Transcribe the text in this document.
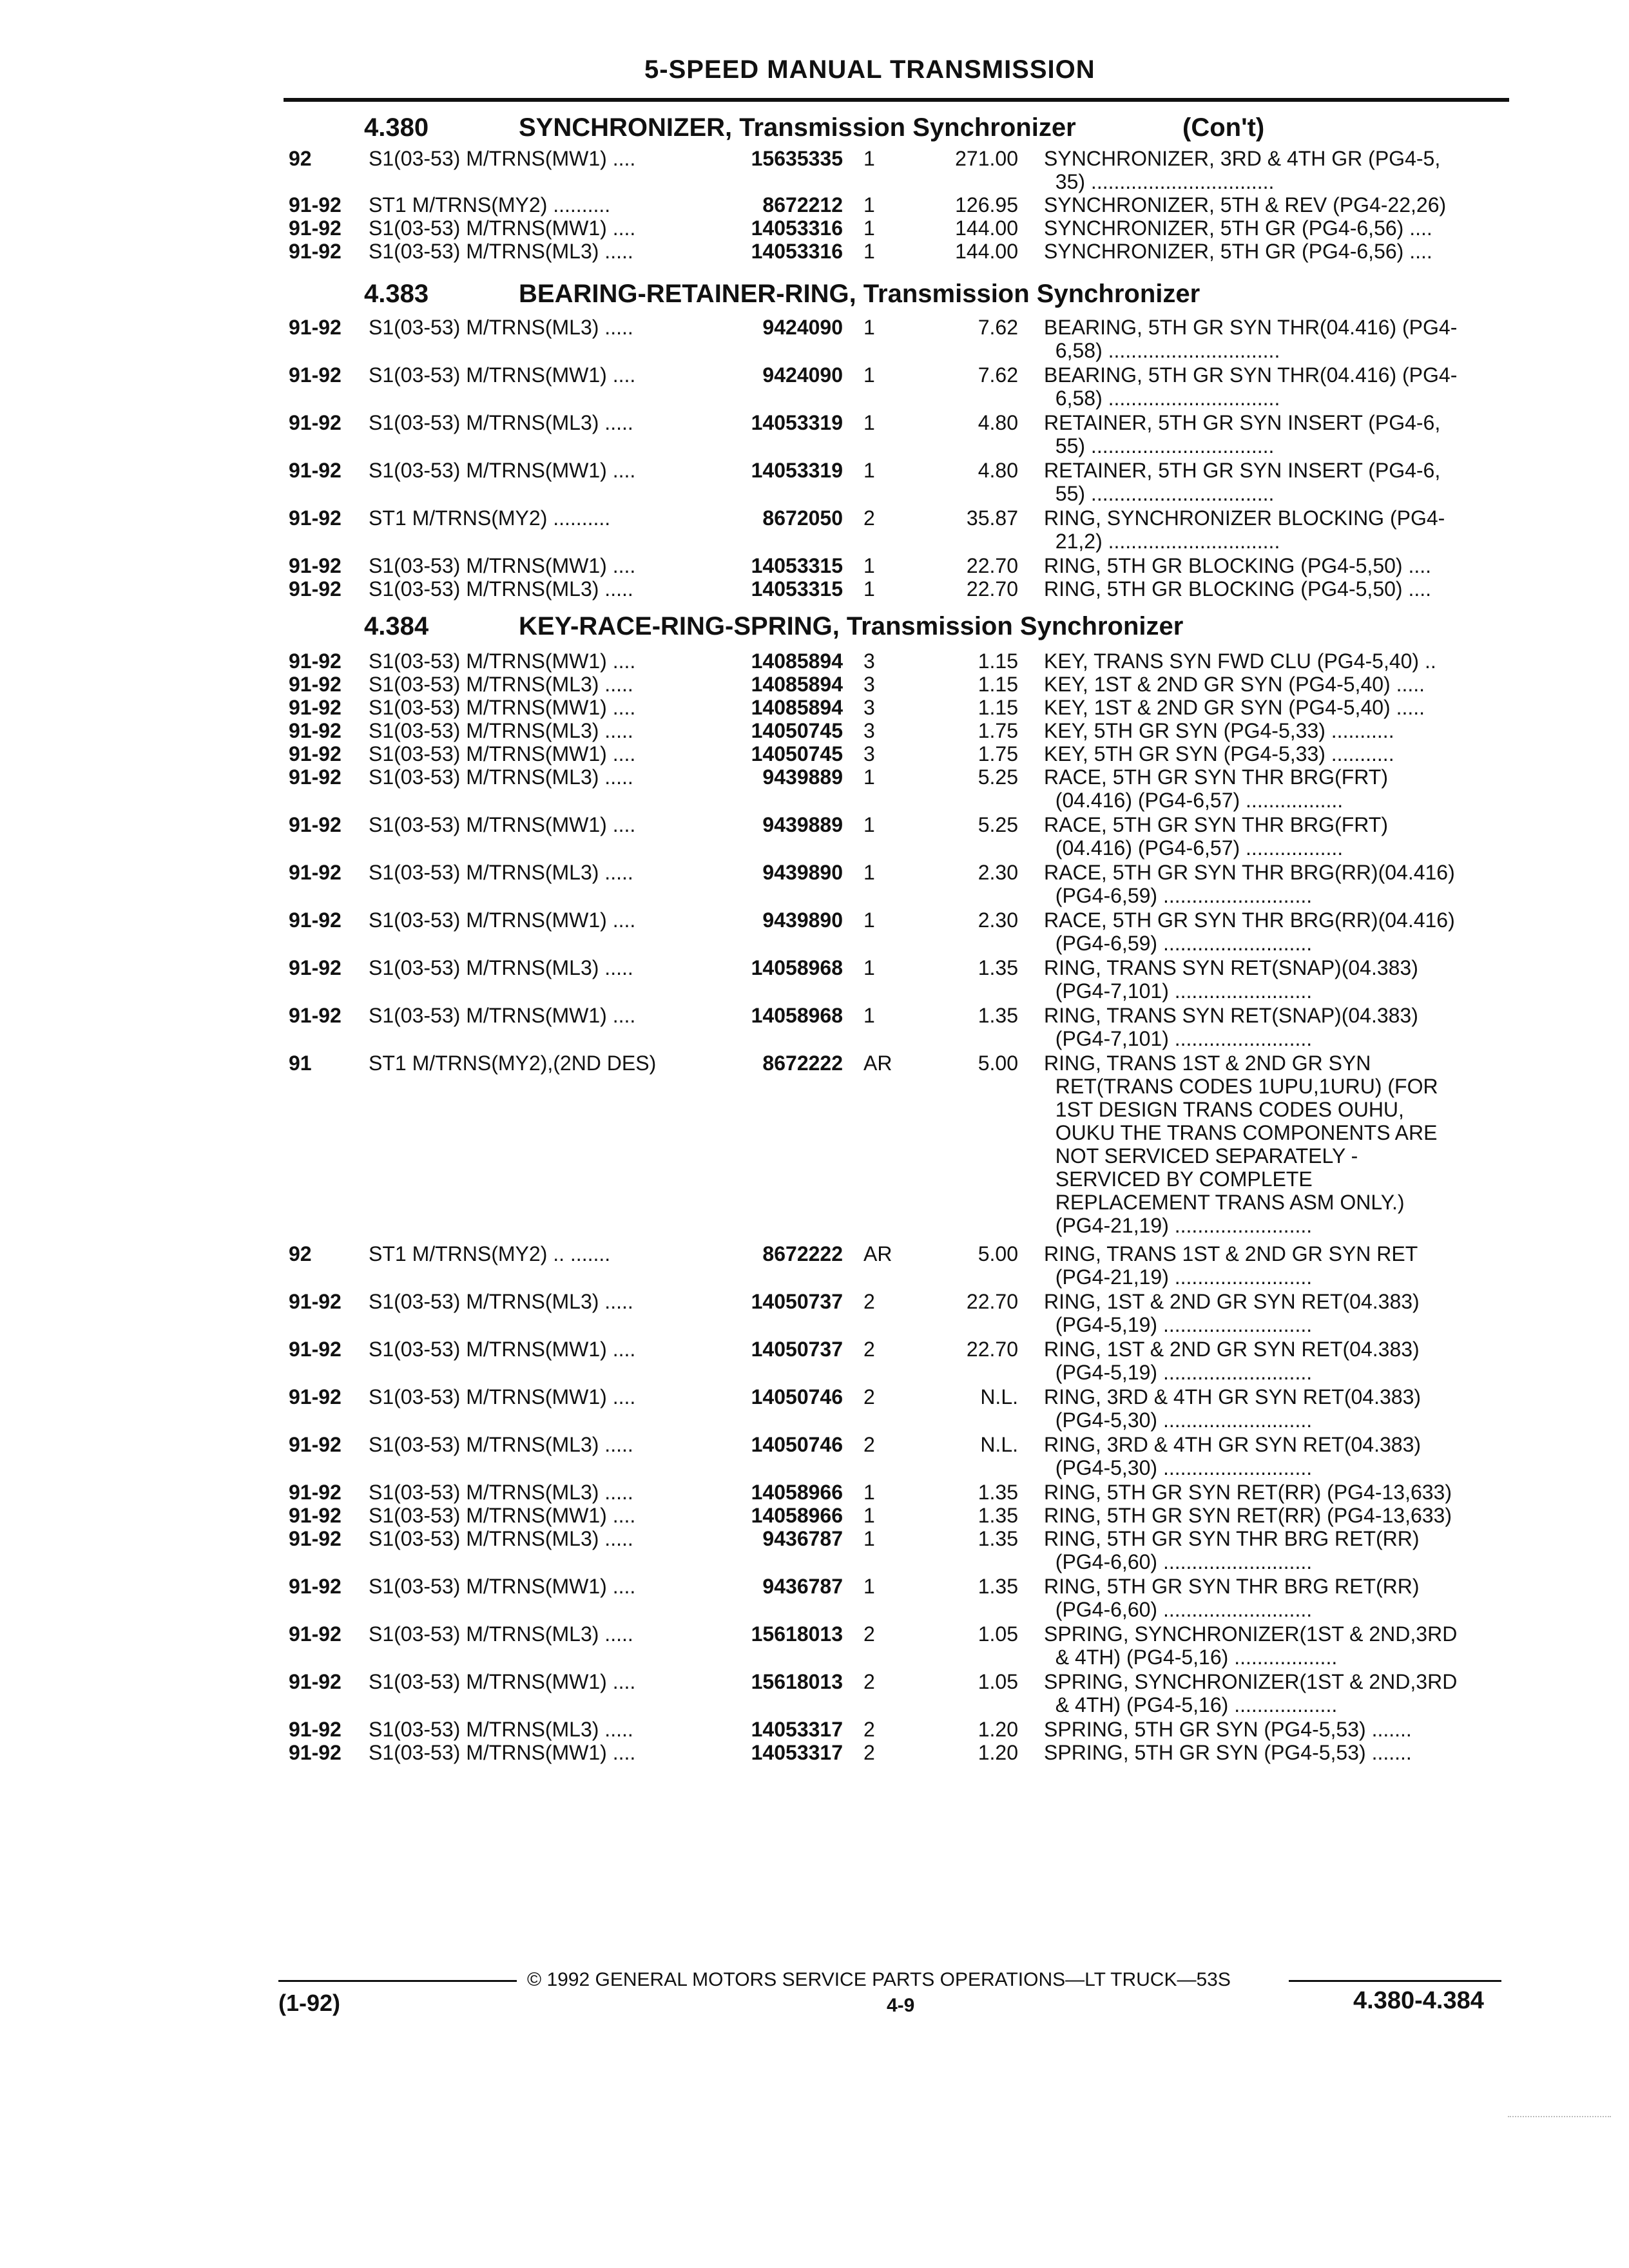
5-SPEED MANUAL TRANSMISSION
4.380	SYNCHRONIZER, Transmission Synchronizer	(Con't)
4.383	BEARING-RETAINER-RING, Transmission Synchronizer
4.384	KEY-RACE-RING-SPRING, Transmission Synchronizer
92	S1(03-53) M/TRNS(MW1) ....	15635335 1	271.00 SYNCHRONIZER, 3RD & 4TH GR (PG4-5,
35) ................................
91-92 ST1 M/TRNS(MY2) ..........	8672212 1	126.95 SYNCHRONIZER, 5TH & REV (PG4-22,26)
91-92 S1(03-53) M/TRNS(MW1) ....	14053316 1	144.00 SYNCHRONIZER, 5TH GR (PG4-6,56) ....
91-92 S1(03-53) M/TRNS(ML3) .....	14053316 1	144.00 SYNCHRONIZER, 5TH GR (PG4-6,56) ....
91-92 S1(03-53) M/TRNS(ML3) .....	9424090 1	7.62 BEARING, 5TH GR SYN THR(04.416) (PG4-
6,58) ..............................
91-92 S1(03-53) M/TRNS(MW1) ....	9424090 1	7.62 BEARING, 5TH GR SYN THR(04.416) (PG4-
6,58) ..............................
91-92 S1(03-53) M/TRNS(ML3) .....	14053319 1	4.80 RETAINER, 5TH GR SYN INSERT (PG4-6,
55) ................................
91-92 S1(03-53) M/TRNS(MW1) ....	14053319 1	4.80 RETAINER, 5TH GR SYN INSERT (PG4-6,
55) ................................
91-92 ST1 M/TRNS(MY2) ..........	8672050 2	35.87 RING, SYNCHRONIZER BLOCKING (PG4-
21,2) ..............................
91-92 S1(03-53) M/TRNS(MW1) ....	14053315 1	22.70 RING, 5TH GR BLOCKING (PG4-5,50) ....
91-92 S1(03-53) M/TRNS(ML3) .....	14053315 1	22.70 RING, 5TH GR BLOCKING (PG4-5,50) ....
91-92 S1(03-53) M/TRNS(MW1) ....	14085894 3	1.15 KEY, TRANS SYN FWD CLU (PG4-5,40) ..
91-92 S1(03-53) M/TRNS(ML3) .....	14085894 3	1.15 KEY, 1ST & 2ND GR SYN (PG4-5,40) .....
91-92 S1(03-53) M/TRNS(MW1) ....	14085894 3	1.15 KEY, 1ST & 2ND GR SYN (PG4-5,40) .....
91-92 S1(03-53) M/TRNS(ML3) .....	14050745 3	1.75 KEY, 5TH GR SYN (PG4-5,33) ...........
91-92 S1(03-53) M/TRNS(MW1) ....	14050745 3	1.75 KEY, 5TH GR SYN (PG4-5,33) ...........
91-92 S1(03-53) M/TRNS(ML3) .....	9439889 1	5.25 RACE, 5TH GR SYN THR BRG(FRT)
(04.416) (PG4-6,57) .................
91-92 S1(03-53) M/TRNS(MW1) ....	9439889 1	5.25 RACE, 5TH GR SYN THR BRG(FRT)
(04.416) (PG4-6,57) .................
91-92 S1(03-53) M/TRNS(ML3) .....	9439890 1	2.30 RACE, 5TH GR SYN THR BRG(RR)(04.416)
(PG4-6,59) ..........................
91-92 S1(03-53) M/TRNS(MW1) ....	9439890 1	2.30 RACE, 5TH GR SYN THR BRG(RR)(04.416)
(PG4-6,59) ..........................
91-92 S1(03-53) M/TRNS(ML3) .....	14058968 1	1.35 RING, TRANS SYN RET(SNAP)(04.383)
(PG4-7,101) ........................
91-92 S1(03-53) M/TRNS(MW1) ....	14058968 1	1.35 RING, TRANS SYN RET(SNAP)(04.383)
(PG4-7,101) ........................
91	ST1 M/TRNS(MY2),(2ND DES)	8672222 AR	5.00 RING, TRANS 1ST & 2ND GR SYN
RET(TRANS CODES 1UPU,1URU) (FOR
1ST DESIGN TRANS CODES OUHU,
OUKU THE TRANS COMPONENTS ARE
NOT SERVICED SEPARATELY -
SERVICED BY COMPLETE
REPLACEMENT TRANS ASM ONLY.)
(PG4-21,19) ........................
92	ST1 M/TRNS(MY2) .. .......	8672222 AR	5.00 RING, TRANS 1ST & 2ND GR SYN RET
(PG4-21,19) ........................
91-92 S1(03-53) M/TRNS(ML3) .....	14050737 2	22.70 RING, 1ST & 2ND GR SYN RET(04.383)
(PG4-5,19) ..........................
91-92 S1(03-53) M/TRNS(MW1) ....	14050737 2	22.70 RING, 1ST & 2ND GR SYN RET(04.383)
(PG4-5,19) ..........................
91-92 S1(03-53) M/TRNS(MW1) ....	14050746 2	N.L. RING, 3RD & 4TH GR SYN RET(04.383)
(PG4-5,30) ..........................
91-92 S1(03-53) M/TRNS(ML3) .....	14050746 2	N.L. RING, 3RD & 4TH GR SYN RET(04.383)
(PG4-5,30) ..........................
91-92 S1(03-53) M/TRNS(ML3) .....	14058966 1	1.35 RING, 5TH GR SYN RET(RR) (PG4-13,633)
91-92 S1(03-53) M/TRNS(MW1) ....	14058966 1	1.35 RING, 5TH GR SYN RET(RR) (PG4-13,633)
91-92 S1(03-53) M/TRNS(ML3) .....	9436787 1	1.35 RING, 5TH GR SYN THR BRG RET(RR)
(PG4-6,60) ..........................
91-92 S1(03-53) M/TRNS(MW1) ....	9436787 1	1.35 RING, 5TH GR SYN THR BRG RET(RR)
(PG4-6,60) ..........................
91-92 S1(03-53) M/TRNS(ML3) .....	15618013 2	1.05 SPRING, SYNCHRONIZER(1ST & 2ND,3RD
& 4TH) (PG4-5,16) ..................
91-92 S1(03-53) M/TRNS(MW1) ....	15618013 2	1.05 SPRING, SYNCHRONIZER(1ST & 2ND,3RD
& 4TH) (PG4-5,16) ..................
91-92 S1(03-53) M/TRNS(ML3) .....	14053317 2	1.20 SPRING, 5TH GR SYN (PG4-5,53) .......
91-92 S1(03-53) M/TRNS(MW1) ....	14053317 2	1.20 SPRING, 5TH GR SYN (PG4-5,53) .......
© 1992 GENERAL MOTORS SERVICE PARTS OPERATIONS—LT TRUCK—53S
(1-92)	4-9	4.380-4.384
